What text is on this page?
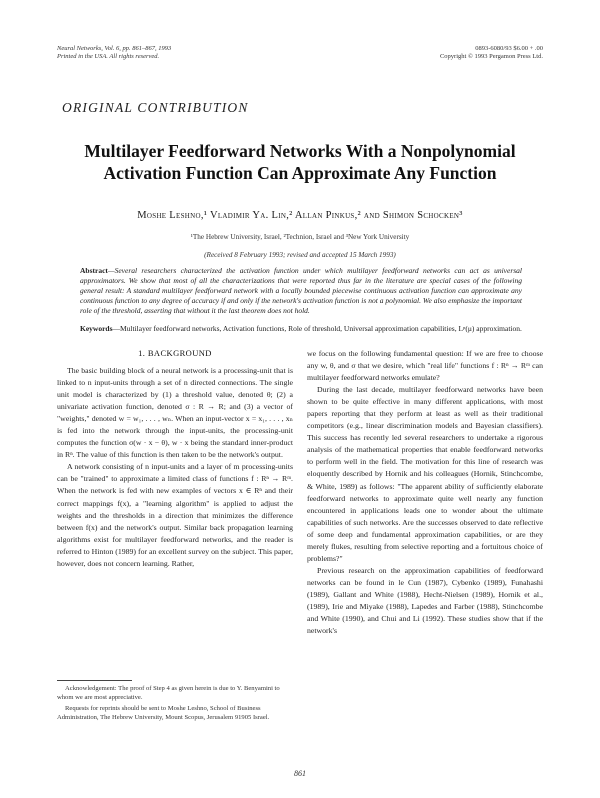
Neural Networks, Vol. 6, pp. 861–867, 1993
Printed in the USA. All rights reserved.
0893-6080/93 $6.00 + .00
Copyright © 1993 Pergamon Press Ltd.
ORIGINAL CONTRIBUTION
Multilayer Feedforward Networks With a Nonpolynomial
Activation Function Can Approximate Any Function
Moshe Leshno,¹ Vladimir Ya. Lin,² Allan Pinkus,² and Shimon Schocken³
¹The Hebrew University, Israel, ²Technion, Israel and ³New York University
(Received 8 February 1993; revised and accepted 15 March 1993)
Abstract—Several researchers characterized the activation function under which multilayer feedforward networks can act as universal approximators. We show that most of all the characterizations that were reported thus far in the literature are special cases of the following general result: A standard multilayer feedforward network with a locally bounded piecewise continuous activation function can approximate any continuous function to any degree of accuracy if and only if the network's activation function is not a polynomial. We also emphasize the important role of the threshold, asserting that without it the last theorem does not hold.
Keywords—Multilayer feedforward networks, Activation functions, Role of threshold, Universal approximation capabilities, Lᵖ(μ) approximation.
1. BACKGROUND

The basic building block of a neural network is a processing-unit that is linked to n input-units through a set of n directed connections. The single unit model is characterized by (1) a threshold value, denoted θ; (2) a univariate activation function, denoted σ : R → R; and (3) a vector of "weights," denoted w = w₁, . . . , wₙ. When an input-vector x = x₁, . . . , xₙ is fed into the network through the input-units, the processing-unit computes the function σ(w · x − θ), w · x being the standard inner-product in Rⁿ. The value of this function is then taken to be the network's output.

A network consisting of n input-units and a layer of m processing-units can be "trained" to approximate a limited class of functions f : Rⁿ → Rᵐ. When the network is fed with new examples of vectors x ∈ Rⁿ and their correct mappings f(x), a "learning algorithm" is applied to adjust the weights and the thresholds in a direction that minimizes the difference between f(x) and the network's output. Similar back propagation learning algorithms exist for multilayer feedforward networks, and the reader is referred to Hinton (1989) for an excellent survey on the subject. This paper, however, does not concern learning. Rather,

Acknowledgement: The proof of Step 4 as given herein is due to Y. Benyamini to whom we are most appreciative.

Requests for reprints should be sent to Moshe Leshno, School of Business Administration, The Hebrew University, Mount Scopus, Jerusalem 91905 Israel.

we focus on the following fundamental question: If we are free to choose any w, θ, and σ that we desire, which "real life" functions f : Rⁿ → Rᵐ can multilayer feedforward networks emulate?

During the last decade, multilayer feedforward networks have been shown to be quite effective in many different applications, with most papers reporting that they perform at least as well as their traditional competitors (e.g., linear discrimination models and Bayesian classifiers). This success has recently led several researchers to undertake a rigorous analysis of the mathematical properties that enable feedforward networks to perform well in the field. The motivation for this line of research was eloquently described by Hornik and his colleagues (Hornik, Stinchcombe, & White, 1989) as follows: "The apparent ability of sufficiently elaborate feedforward networks to approximate quite well nearly any function encountered in applications leads one to wonder about the ultimate capabilities of such networks. Are the successes observed to date reflective of some deep and fundamental approximation capabilities, or are they merely flukes, resulting from selective reporting and a fortuitous choice of problems?"

Previous research on the approximation capabilities of feedforward networks can be found in le Cun (1987), Cybenko (1989), Funahashi (1989), Gallant and White (1988), Hecht-Nielsen (1989), Hornik et al., (1989), Irie and Miyake (1988), Lapedes and Farber (1988), Stinchcombe and White (1990), and Chui and Li (1992). These studies show that if the network's

861
